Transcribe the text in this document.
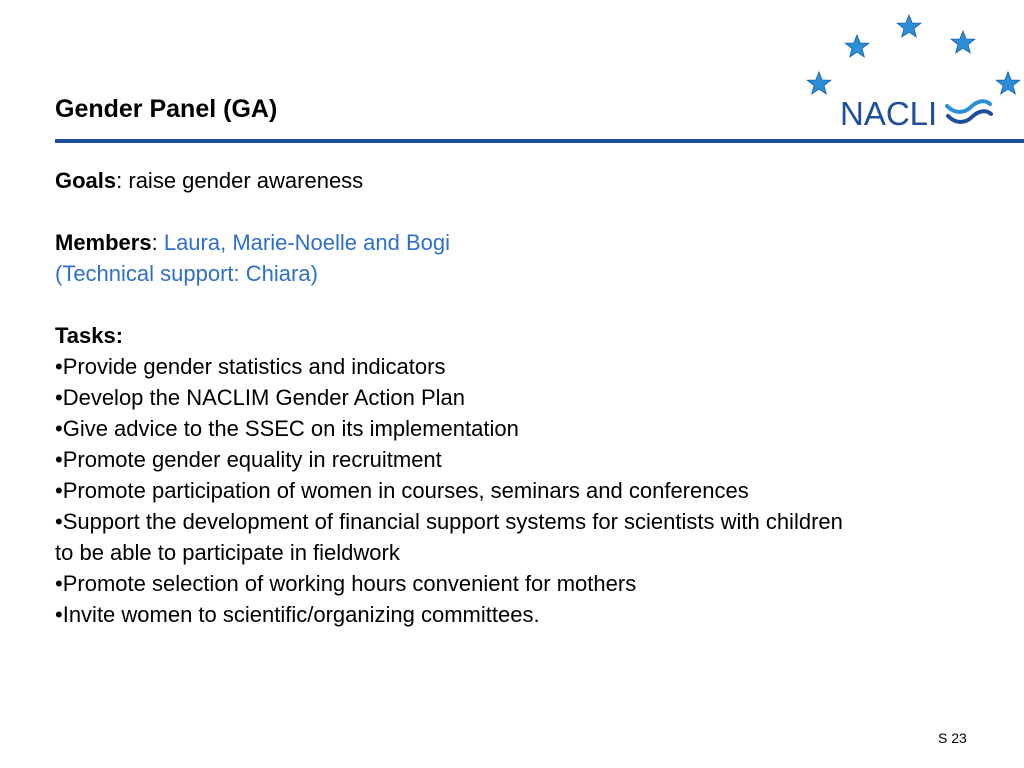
Gender Panel (GA)	NACLI
Goals: raise gender awareness
Members: Laura, Marie-Noelle and Bogi
(Technical support: Chiara)
Tasks:
•Provide gender statistics and indicators
•Develop the NACLIM Gender Action Plan
•Give advice to the SSEC on its implementation
•Promote gender equality in recruitment
•Promote participation of women in courses, seminars and conferences
•Support the development of financial support systems for scientists with children
to be able to participate in fieldwork
•Promote selection of working hours convenient for mothers
•Invite women to scientific/organizing committees.
S 23
